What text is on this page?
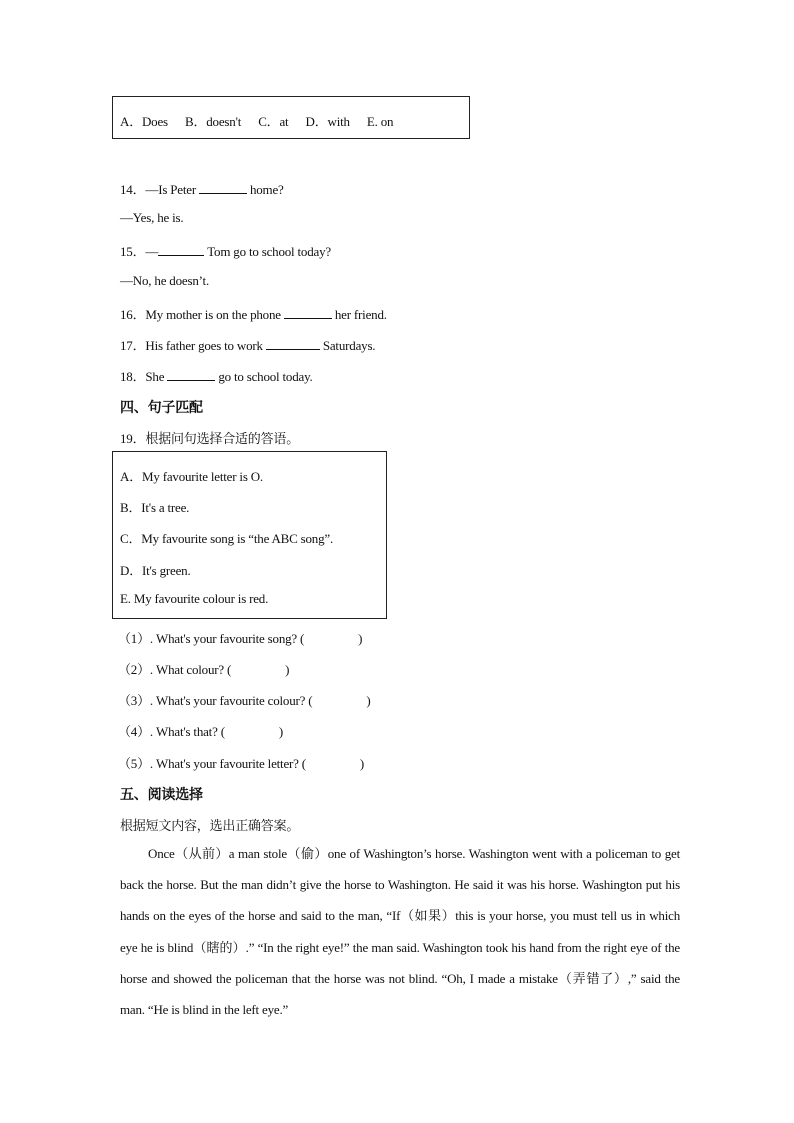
A．Does B．doesn't C．at D．with E. on
14．—Is Peter	home?
—Yes, he is.
15．—	Tom go to school today?
—No, he doesn’t.
16．My mother is on the phone	her friend.
17．His father goes to work	Saturdays.
18．She	go to school today.
四、句子匹配
19．根据问句选择合适的答语。
A．My favourite letter is O.
B．It's a tree.
C．My favourite song is “the ABC song”.
D．It's green.
E. My favourite colour is red.
（1）. What's your favourite song? (	)
（2）. What colour? (	)
（3）. What's your favourite colour? (	)
（4）. What's that? (	)
（5）. What's your favourite letter? (	)
五、阅读选择
根据短文内容，选出正确答案。
Once（从前）a man stole（偷）one of Washington’s horse. Washington went with a policeman to get back the horse. But the man didn’t give the horse to Washington. He said it was his horse. Washington put his hands on the eyes of the horse and said to the man, “If（如果）this is your horse, you must tell us in which eye he is blind（瞎的）.” “In the right eye!” the man said. Washington took his hand from the right eye of the horse and showed the policeman that the horse was not blind. “Oh, I made a mistake（弄错了）,” said the man. “He is blind in the left eye.”
